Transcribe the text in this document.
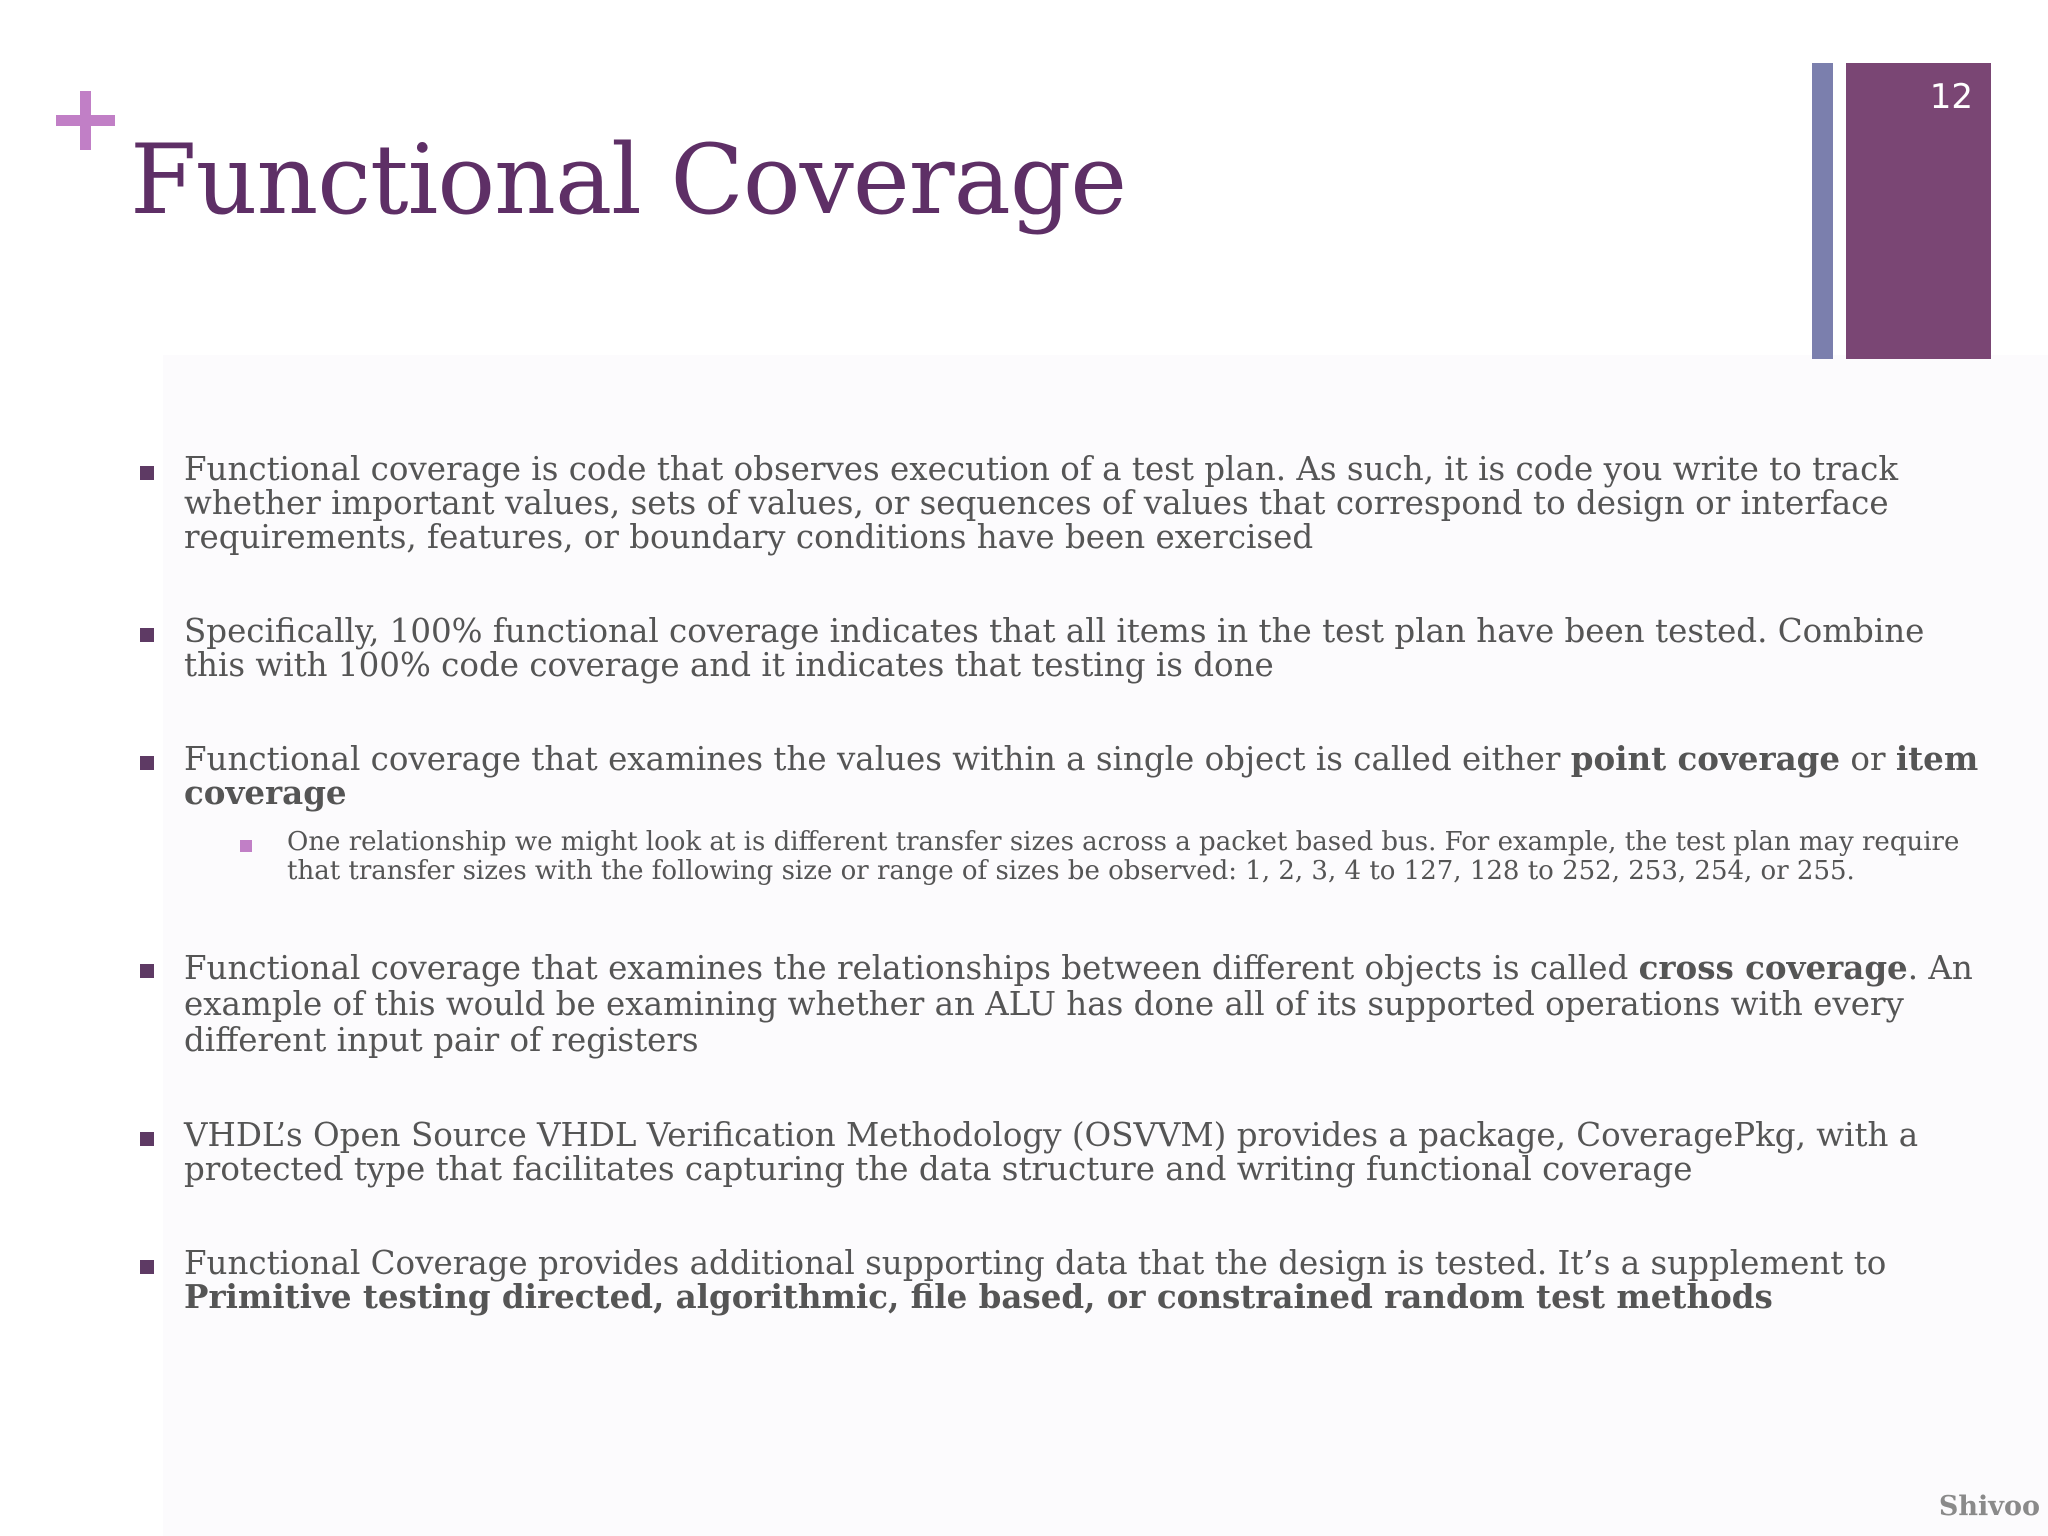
Functional Coverage
12
Functional coverage is code that observes execution of a test plan. As such, it is code you write to track whether important values, sets of values, or sequences of values that correspond to design or interface requirements, features, or boundary conditions have been exercised
Specifically, 100% functional coverage indicates that all items in the test plan have been tested. Combine this with 100% code coverage and it indicates that testing is done
Functional coverage that examines the values within a single object is called either point coverage or item coverage
One relationship we might look at is different transfer sizes across a packet based bus. For example, the test plan may require that transfer sizes with the following size or range of sizes be observed: 1, 2, 3, 4 to 127, 128 to 252, 253, 254, or 255.
Functional coverage that examines the relationships between different objects is called cross coverage. An example of this would be examining whether an ALU has done all of its supported operations with every different input pair of registers
VHDL’s Open Source VHDL Verification Methodology (OSVVM) provides a package, CoveragePkg, with a protected type that facilitates capturing the data structure and writing functional coverage
Functional Coverage provides additional supporting data that the design is tested. It’s a supplement to Primitive testing directed, algorithmic, file based, or constrained random test methods
Shivoo
